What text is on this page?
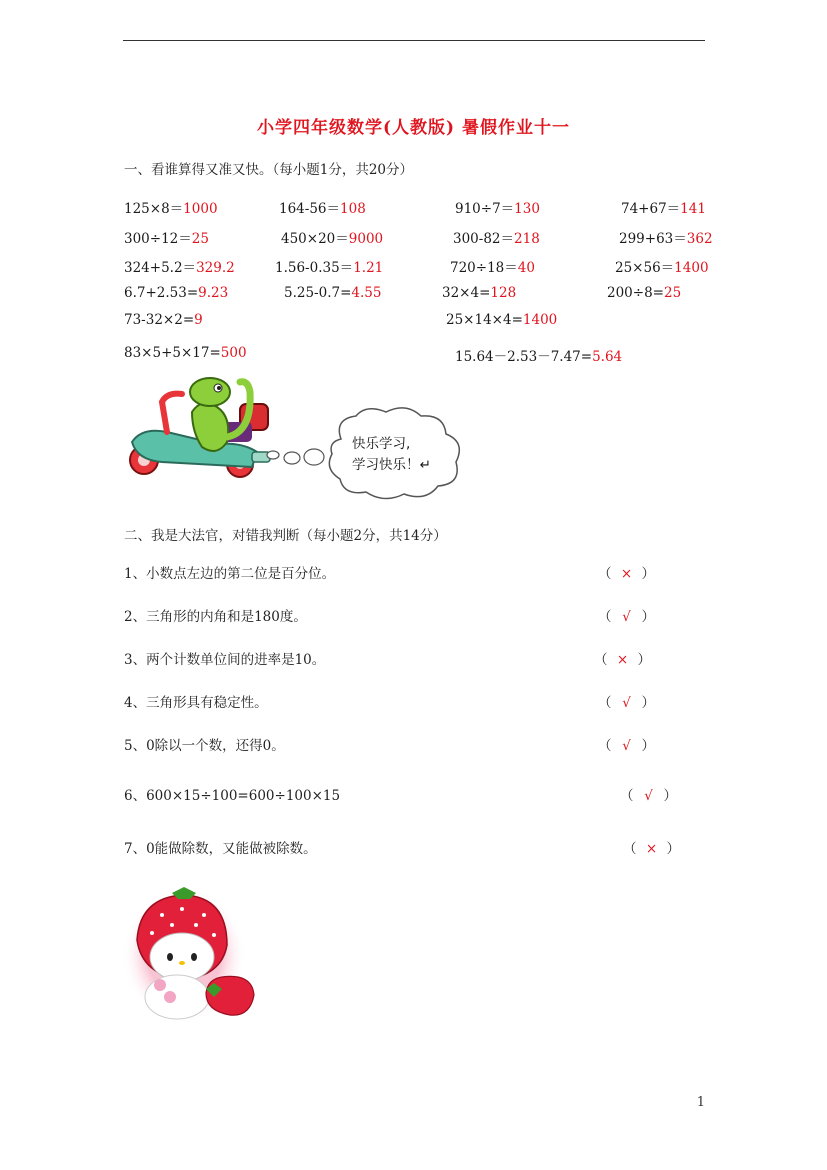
小学四年级数学(人教版) 暑假作业十一
一、看谁算得又准又快。（每小题1分，共20分）
125×8＝1000	164-56＝108	910÷7＝130	74+67＝141
300÷12＝25	450×20＝9000	300-82＝218	299+63＝362
324+5.2＝329.2	1.56-0.35＝1.21	720÷18＝40	25×56＝1400
6.7+2.53=9.23	5.25-0.7=4.55	32×4=128	200÷8=25
73-32×2=9	25×14×4=1400
83×5+5×17=500	15.64－2.53－7.47=5.64
快乐学习,
学习快乐！↵
二、我是大法官，对错我判断（每小题2分，共14分）
1、小数点左边的第二位是百分位。	（ × ）
2、三角形的内角和是180度。	（ √ ）
3、两个计数单位间的进率是10。	（ × ）
4、三角形具有稳定性。	（ √ ）
5、0除以一个数，还得0。	（ √ ）
6、600×15÷100=600÷100×15	（ √ ）
7、0能做除数，又能做被除数。	（ × ）
1
